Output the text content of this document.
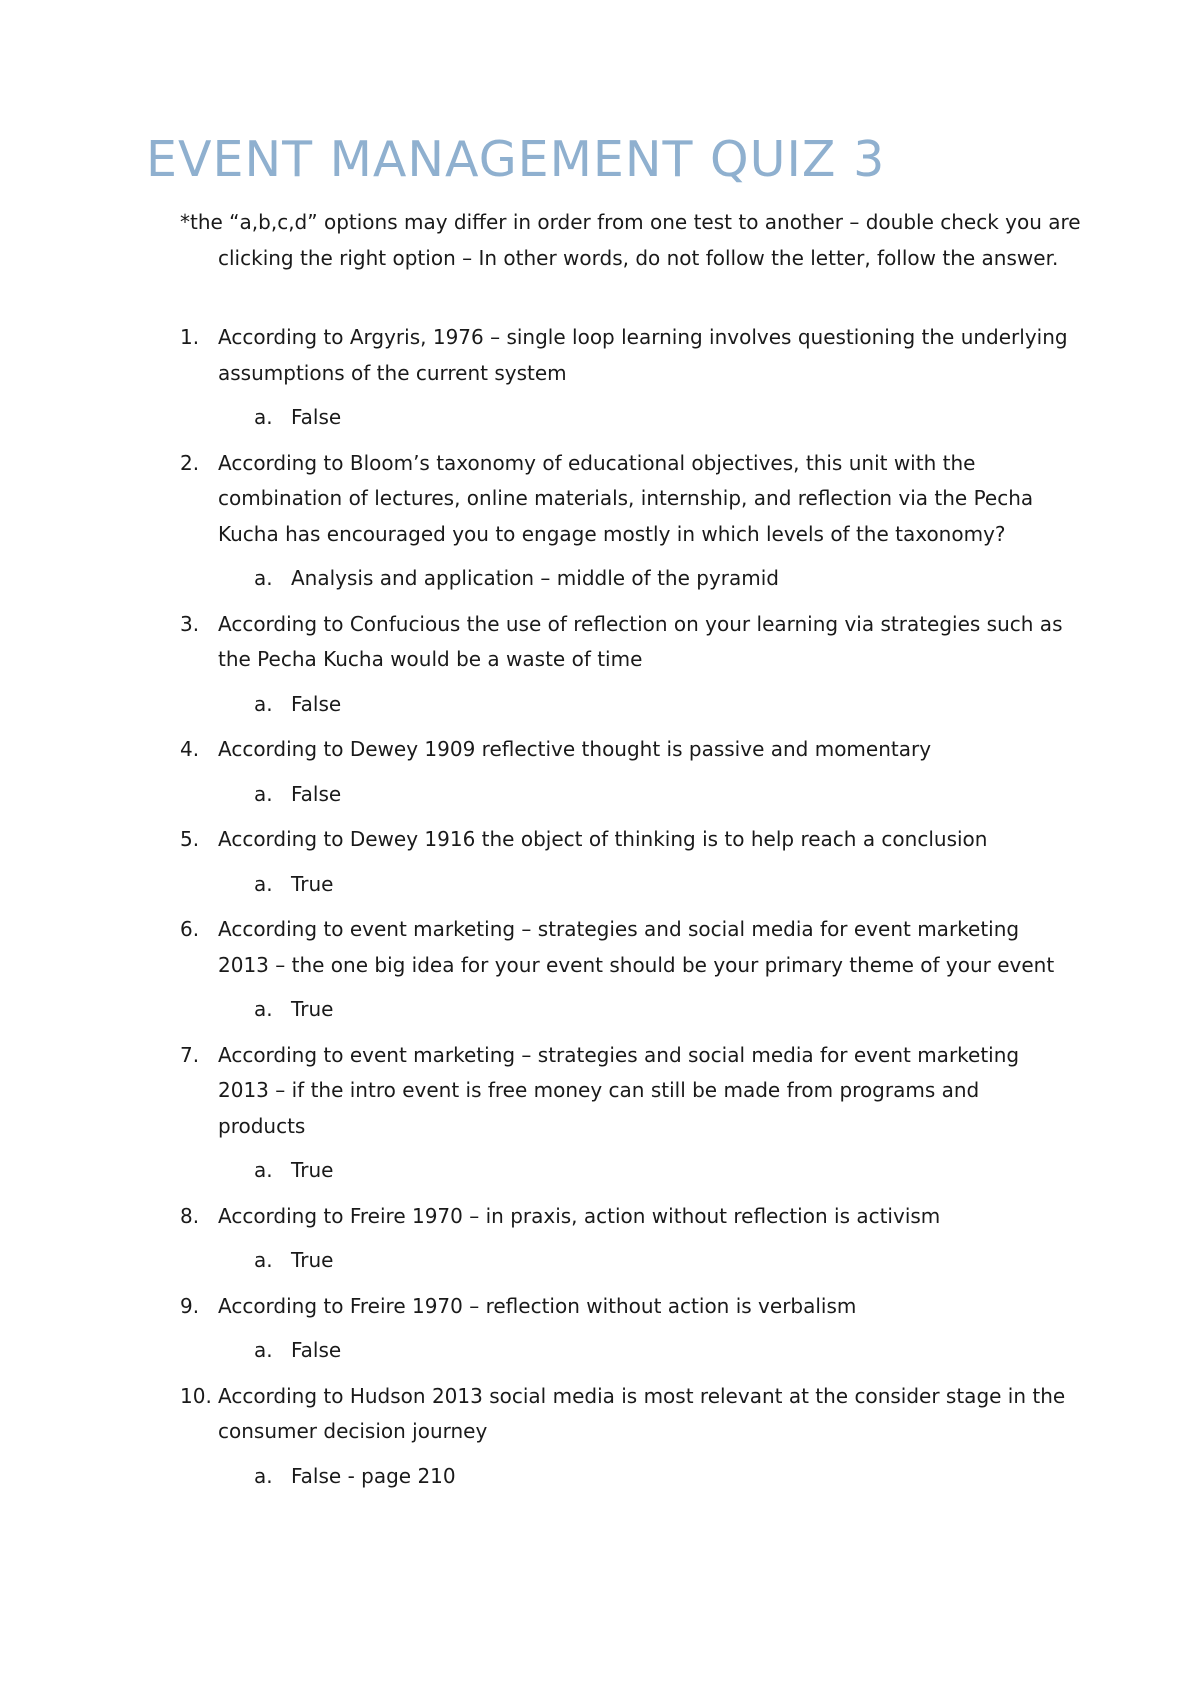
EVENT MANAGEMENT QUIZ 3
*the “a,b,c,d” options may differ in order from one test to another – double check you are clicking the right option – In other words, do not follow the letter, follow the answer.
1. According to Argyris, 1976 – single loop learning involves questioning the underlying assumptions of the current system
a. False
2. According to Bloom’s taxonomy of educational objectives, this unit with the combination of lectures, online materials, internship, and reflection via the Pecha Kucha has encouraged you to engage mostly in which levels of the taxonomy?
a. Analysis and application – middle of the pyramid
3. According to Confucious the use of reflection on your learning via strategies such as the Pecha Kucha would be a waste of time
a. False
4. According to Dewey 1909 reflective thought is passive and momentary
a. False
5. According to Dewey 1916 the object of thinking is to help reach a conclusion
a. True
6. According to event marketing – strategies and social media for event marketing 2013 – the one big idea for your event should be your primary theme of your event
a. True
7. According to event marketing – strategies and social media for event marketing 2013 – if the intro event is free money can still be made from programs and products
a. True
8. According to Freire 1970 – in praxis, action without reflection is activism
a. True
9. According to Freire 1970 – reflection without action is verbalism
a. False
10. According to Hudson 2013 social media is most relevant at the consider stage in the consumer decision journey
a. False - page 210
